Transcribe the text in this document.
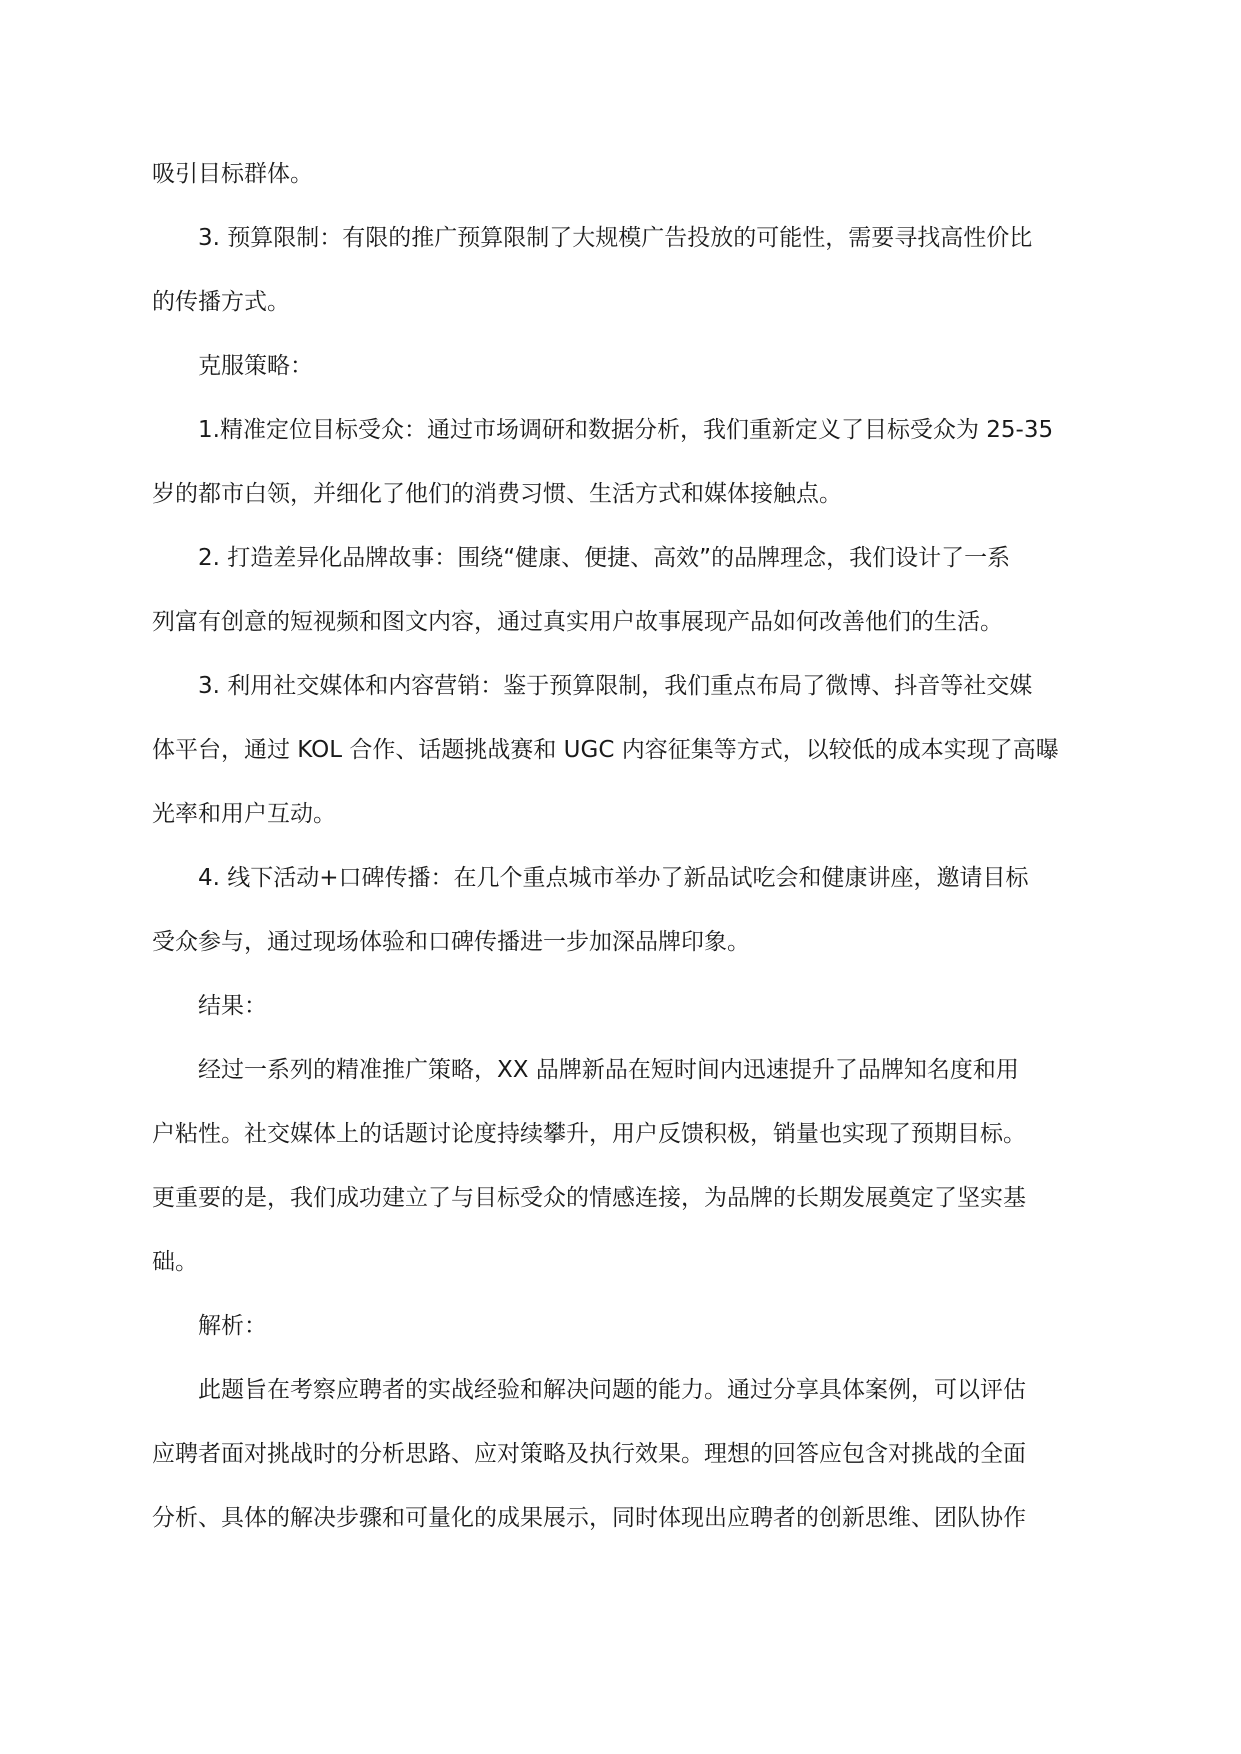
吸引目标群体。

3. 预算限制：有限的推广预算限制了大规模广告投放的可能性，需要寻找高性价比
的传播方式。

克服策略：

1.精准定位目标受众：通过市场调研和数据分析，我们重新定义了目标受众为 25-35
岁的都市白领，并细化了他们的消费习惯、生活方式和媒体接触点。

2. 打造差异化品牌故事：围绕“健康、便捷、高效”的品牌理念，我们设计了一系
列富有创意的短视频和图文内容，通过真实用户故事展现产品如何改善他们的生活。

3. 利用社交媒体和内容营销：鉴于预算限制，我们重点布局了微博、抖音等社交媒
体平台，通过 KOL 合作、话题挑战赛和 UGC 内容征集等方式，以较低的成本实现了高曝
光率和用户互动。

4. 线下活动+口碑传播：在几个重点城市举办了新品试吃会和健康讲座，邀请目标
受众参与，通过现场体验和口碑传播进一步加深品牌印象。

结果：

经过一系列的精准推广策略，XX 品牌新品在短时间内迅速提升了品牌知名度和用
户粘性。社交媒体上的话题讨论度持续攀升，用户反馈积极，销量也实现了预期目标。
更重要的是，我们成功建立了与目标受众的情感连接，为品牌的长期发展奠定了坚实基
础。

解析：

此题旨在考察应聘者的实战经验和解决问题的能力。通过分享具体案例，可以评估
应聘者面对挑战时的分析思路、应对策略及执行效果。理想的回答应包含对挑战的全面
分析、具体的解决步骤和可量化的成果展示，同时体现出应聘者的创新思维、团队协作
